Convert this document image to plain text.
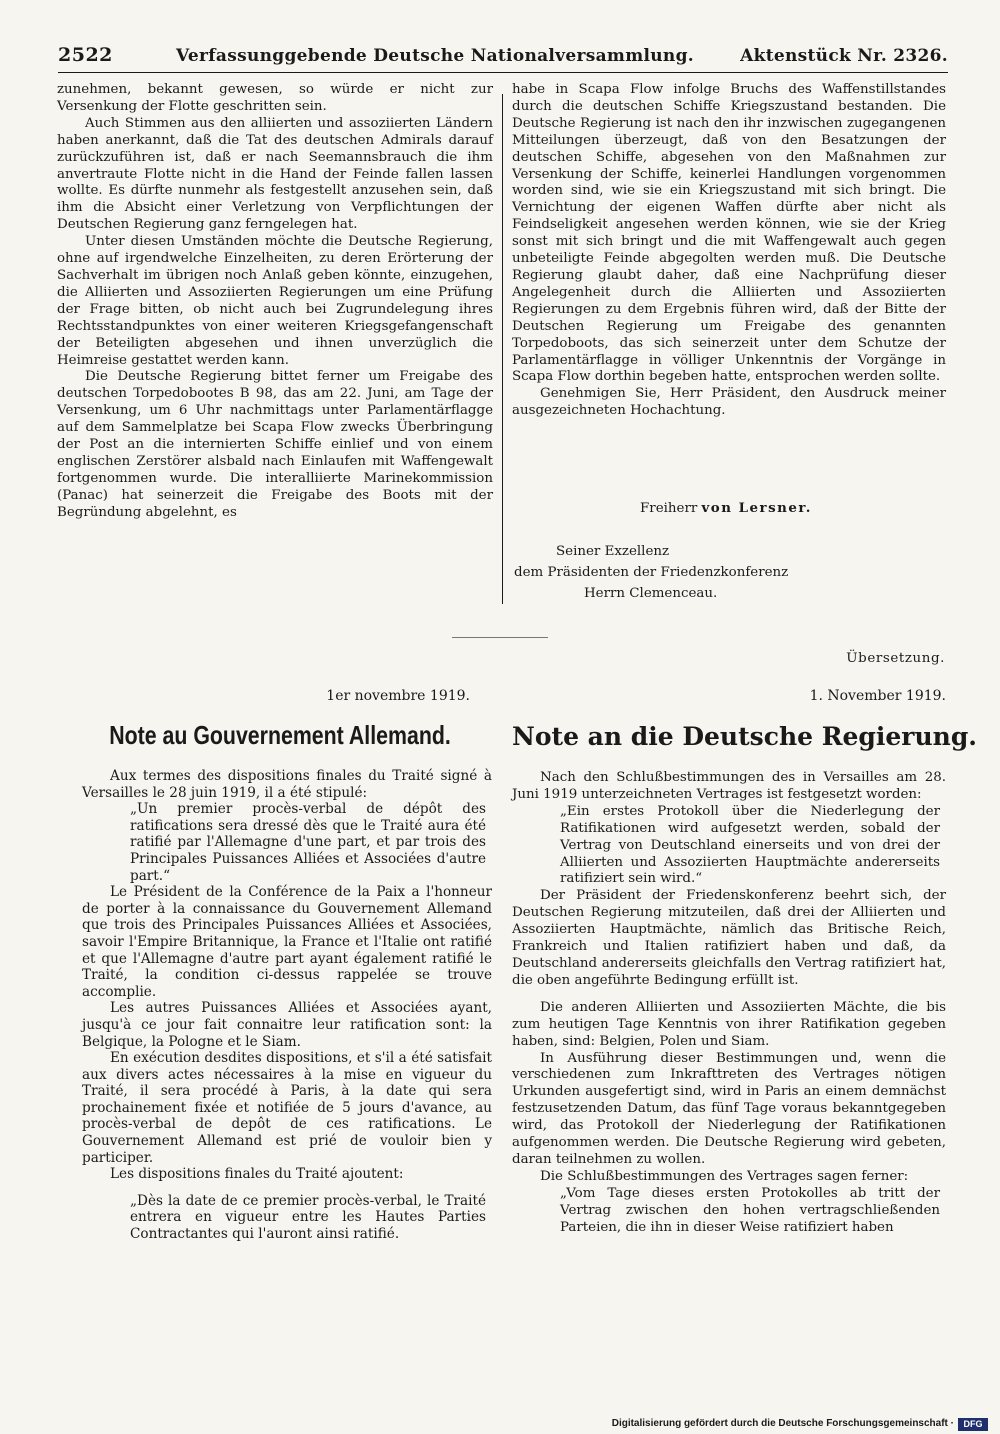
2522	Verfassunggebende Deutsche Nationalversammlung.	Aktenstück Nr. 2326.

zunehmen, bekannt gewesen, so würde er nicht zur Versenkung der Flotte geschritten sein.

Auch Stimmen aus den alliierten und assoziierten Ländern haben anerkannt, daß die Tat des deutschen Admirals darauf zurückzuführen ist, daß er nach Seemannsbrauch die ihm anvertraute Flotte nicht in die Hand der Feinde fallen lassen wollte. Es dürfte nunmehr als festgestellt anzusehen sein, daß ihm die Absicht einer Verletzung von Verpflichtungen der Deutschen Regierung ganz ferngelegen hat.

Unter diesen Umständen möchte die Deutsche Regierung, ohne auf irgendwelche Einzelheiten, zu deren Erörterung der Sachverhalt im übrigen noch Anlaß geben könnte, einzugehen, die Alliierten und Assoziierten Regierungen um eine Prüfung der Frage bitten, ob nicht auch bei Zugrundelegung ihres Rechtsstandpunktes von einer weiteren Kriegsgefangenschaft der Beteiligten abgesehen und ihnen unverzüglich die Heimreise gestattet werden kann.

Die Deutsche Regierung bittet ferner um Freigabe des deutschen Torpedobootes B 98, das am 22. Juni, am Tage der Versenkung, um 6 Uhr nachmittags unter Parlamentärflagge auf dem Sammelplatze bei Scapa Flow zwecks Überbringung der Post an die internierten Schiffe einlief und von einem englischen Zerstörer alsbald nach Einlaufen mit Waffengewalt fortgenommen wurde. Die interalliierte Marinekommission (Panac) hat seinerzeit die Freigabe des Boots mit der Begründung abgelehnt, es

habe in Scapa Flow infolge Bruchs des Waffenstillstandes durch die deutschen Schiffe Kriegszustand bestanden. Die Deutsche Regierung ist nach den ihr inzwischen zugegangenen Mitteilungen überzeugt, daß von den Besatzungen der deutschen Schiffe, abgesehen von den Maßnahmen zur Versenkung der Schiffe, keinerlei Handlungen vorgenommen worden sind, wie sie ein Kriegszustand mit sich bringt. Die Vernichtung der eigenen Waffen dürfte aber nicht als Feindseligkeit angesehen werden können, wie sie der Krieg sonst mit sich bringt und die mit Waffengewalt auch gegen unbeteiligte Feinde abgegolten werden muß. Die Deutsche Regierung glaubt daher, daß eine Nachprüfung dieser Angelegenheit durch die Alliierten und Assoziierten Regierungen zu dem Ergebnis führen wird, daß der Bitte der Deutschen Regierung um Freigabe des genannten Torpedoboots, das sich seinerzeit unter dem Schutze der Parlamentärflagge in völliger Unkenntnis der Vorgänge in Scapa Flow dorthin begeben hatte, entsprochen werden sollte.

Genehmigen Sie, Herr Präsident, den Ausdruck meiner ausgezeichneten Hochachtung.

Freiherr von Lersner.
Seiner Exzellenz
dem Präsidenten der Friedenzkonferenz
Herrn Clemenceau.
Übersetzung.
1er novembre 1919.	1. November 1919.
Note au Gouvernement Allemand.	Note an die Deutsche Regierung.

Aux termes des dispositions finales du Traité signé à Versailles le 28 juin 1919, il a été stipulé:

„Un premier procès-verbal de dépôt des ratifications sera dressé dès que le Traité aura été ratifié par l'Allemagne d'une part, et par trois des Principales Puissances Alliées et Associées d'autre part.“

Le Président de la Conférence de la Paix a l'honneur de porter à la connaissance du Gouvernement Allemand que trois des Principales Puissances Alliées et Associées, savoir l'Empire Britannique, la France et l'Italie ont ratifié et que l'Allemagne d'autre part ayant également ratifié le Traité, la condition ci-dessus rappelée se trouve accomplie.

Les autres Puissances Alliées et Associées ayant, jusqu'à ce jour fait connaitre leur ratification sont: la Belgique, la Pologne et le Siam.

En exécution desdites dispositions, et s'il a été satisfait aux divers actes nécessaires à la mise en vigueur du Traité, il sera procédé à Paris, à la date qui sera prochainement fixée et notifiée de 5 jours d'avance, au procès-verbal de depôt de ces ratifications. Le Gouvernement Allemand est prié de vouloir bien y participer.

Les dispositions finales du Traité ajoutent:

„Dès la date de ce premier procès-verbal, le Traité entrera en vigueur entre les Hautes Parties Contractantes qui l'auront ainsi ratifié.

Nach den Schlußbestimmungen des in Versailles am 28. Juni 1919 unterzeichneten Vertrages ist festgesetzt worden:

„Ein erstes Protokoll über die Niederlegung der Ratifikationen wird aufgesetzt werden, sobald der Vertrag von Deutschland einerseits und von drei der Alliierten und Assoziierten Hauptmächte andererseits ratifiziert sein wird.“

Der Präsident der Friedenskonferenz beehrt sich, der Deutschen Regierung mitzuteilen, daß drei der Alliierten und Assoziierten Hauptmächte, nämlich das Britische Reich, Frankreich und Italien ratifiziert haben und daß, da Deutschland andererseits gleichfalls den Vertrag ratifiziert hat, die oben angeführte Bedingung erfüllt ist.

Die anderen Alliierten und Assoziierten Mächte, die bis zum heutigen Tage Kenntnis von ihrer Ratifikation gegeben haben, sind: Belgien, Polen und Siam.

In Ausführung dieser Bestimmungen und, wenn die verschiedenen zum Inkrafttreten des Vertrages nötigen Urkunden ausgefertigt sind, wird in Paris an einem demnächst festzusetzenden Datum, das fünf Tage voraus bekanntgegeben wird, das Protokoll der Niederlegung der Ratifikationen aufgenommen werden. Die Deutsche Regierung wird gebeten, daran teilnehmen zu wollen.

Die Schlußbestimmungen des Vertrages sagen ferner:

„Vom Tage dieses ersten Protokolles ab tritt der Vertrag zwischen den hohen vertragschließenden Parteien, die ihn in dieser Weise ratifiziert haben

Digitalisierung gefördert durch die Deutsche Forschungsgemeinschaft ·	DFG
